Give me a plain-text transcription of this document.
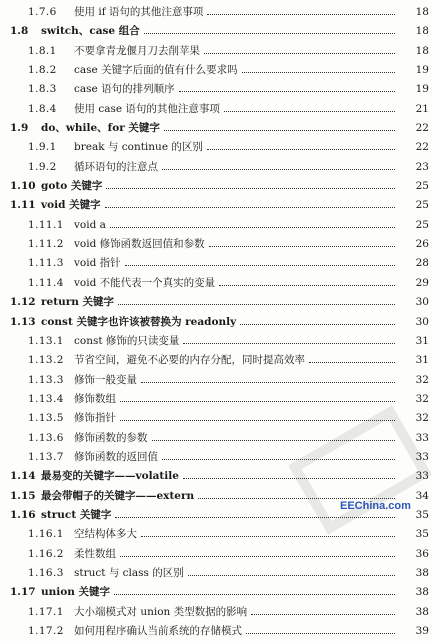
1.7.6 使用 if 语句的其他注意事项	18
1.8 switch、case 组合	18
1.8.1 不要拿青龙偃月刀去削苹果	18
1.8.2 case 关键字后面的值有什么要求吗	19
1.8.3 case 语句的排列顺序	19
1.8.4 使用 case 语句的其他注意事项	21
1.9 do、while、for 关键字	22
1.9.1 break 与 continue 的区别	22
1.9.2 循环语句的注意点	23
1.10 goto 关键字	25
1.11 void 关键字	25
1.11.1 void a	25
1.11.2 void 修饰函数返回值和参数	26
1.11.3 void 指针	28
1.11.4 void 不能代表一个真实的变量	29
1.12 return 关键字	30
1.13 const 关键字也许该被替换为 readonly	30
1.13.1 const 修饰的只读变量	31
1.13.2 节省空间，避免不必要的内存分配，同时提高效率	31
1.13.3 修饰一般变量	32
1.13.4 修饰数组	32
1.13.5 修饰指针	32
1.13.6 修饰函数的参数	33
1.13.7 修饰函数的返回值	33
1.14 最易变的关键字——volatile	33
1.15 最会带帽子的关键字——extern	34
1.16 struct 关键字	35
1.16.1 空结构体多大	35
1.16.2 柔性数组	36
1.16.3 struct 与 class 的区别	38
1.17 union 关键字	38
1.17.1 大小端模式对 union 类型数据的影响	38
1.17.2 如何用程序确认当前系统的存储模式	39
EEChina.com
